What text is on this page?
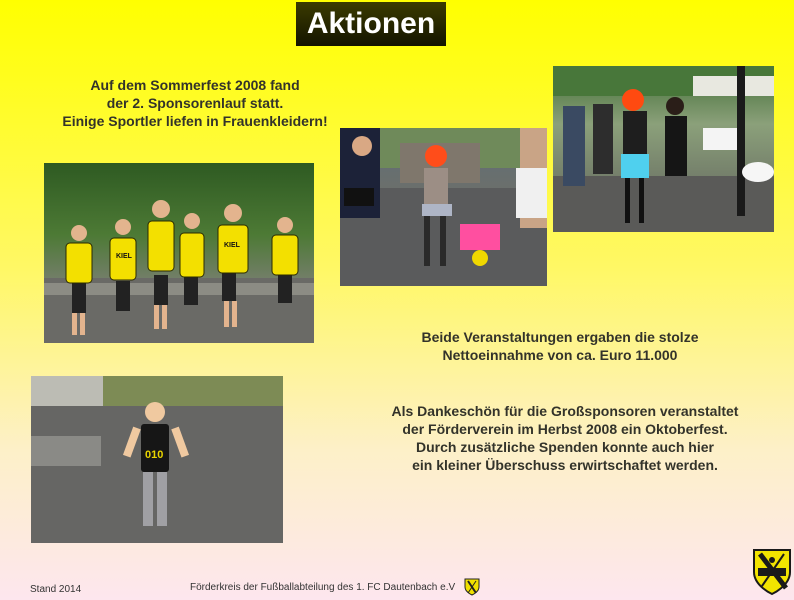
Aktionen
Auf dem Sommerfest 2008 fand
der 2. Sponsorenlauf statt.
Einige Sportler liefen in Frauenkleidern!
KIEL
KIEL
Beide Veranstaltungen ergaben die stolze
Nettoeinnahme von ca. Euro 11.000
010
Als Dankeschön für die Großsponsoren veranstaltet
der Förderverein im Herbst 2008 ein Oktoberfest.
Durch zusätzliche Spenden konnte auch hier
ein kleiner Überschuss erwirtschaftet werden.
Stand 2014	Förderkreis der Fußballabteilung des 1. FC Dautenbach e.V
